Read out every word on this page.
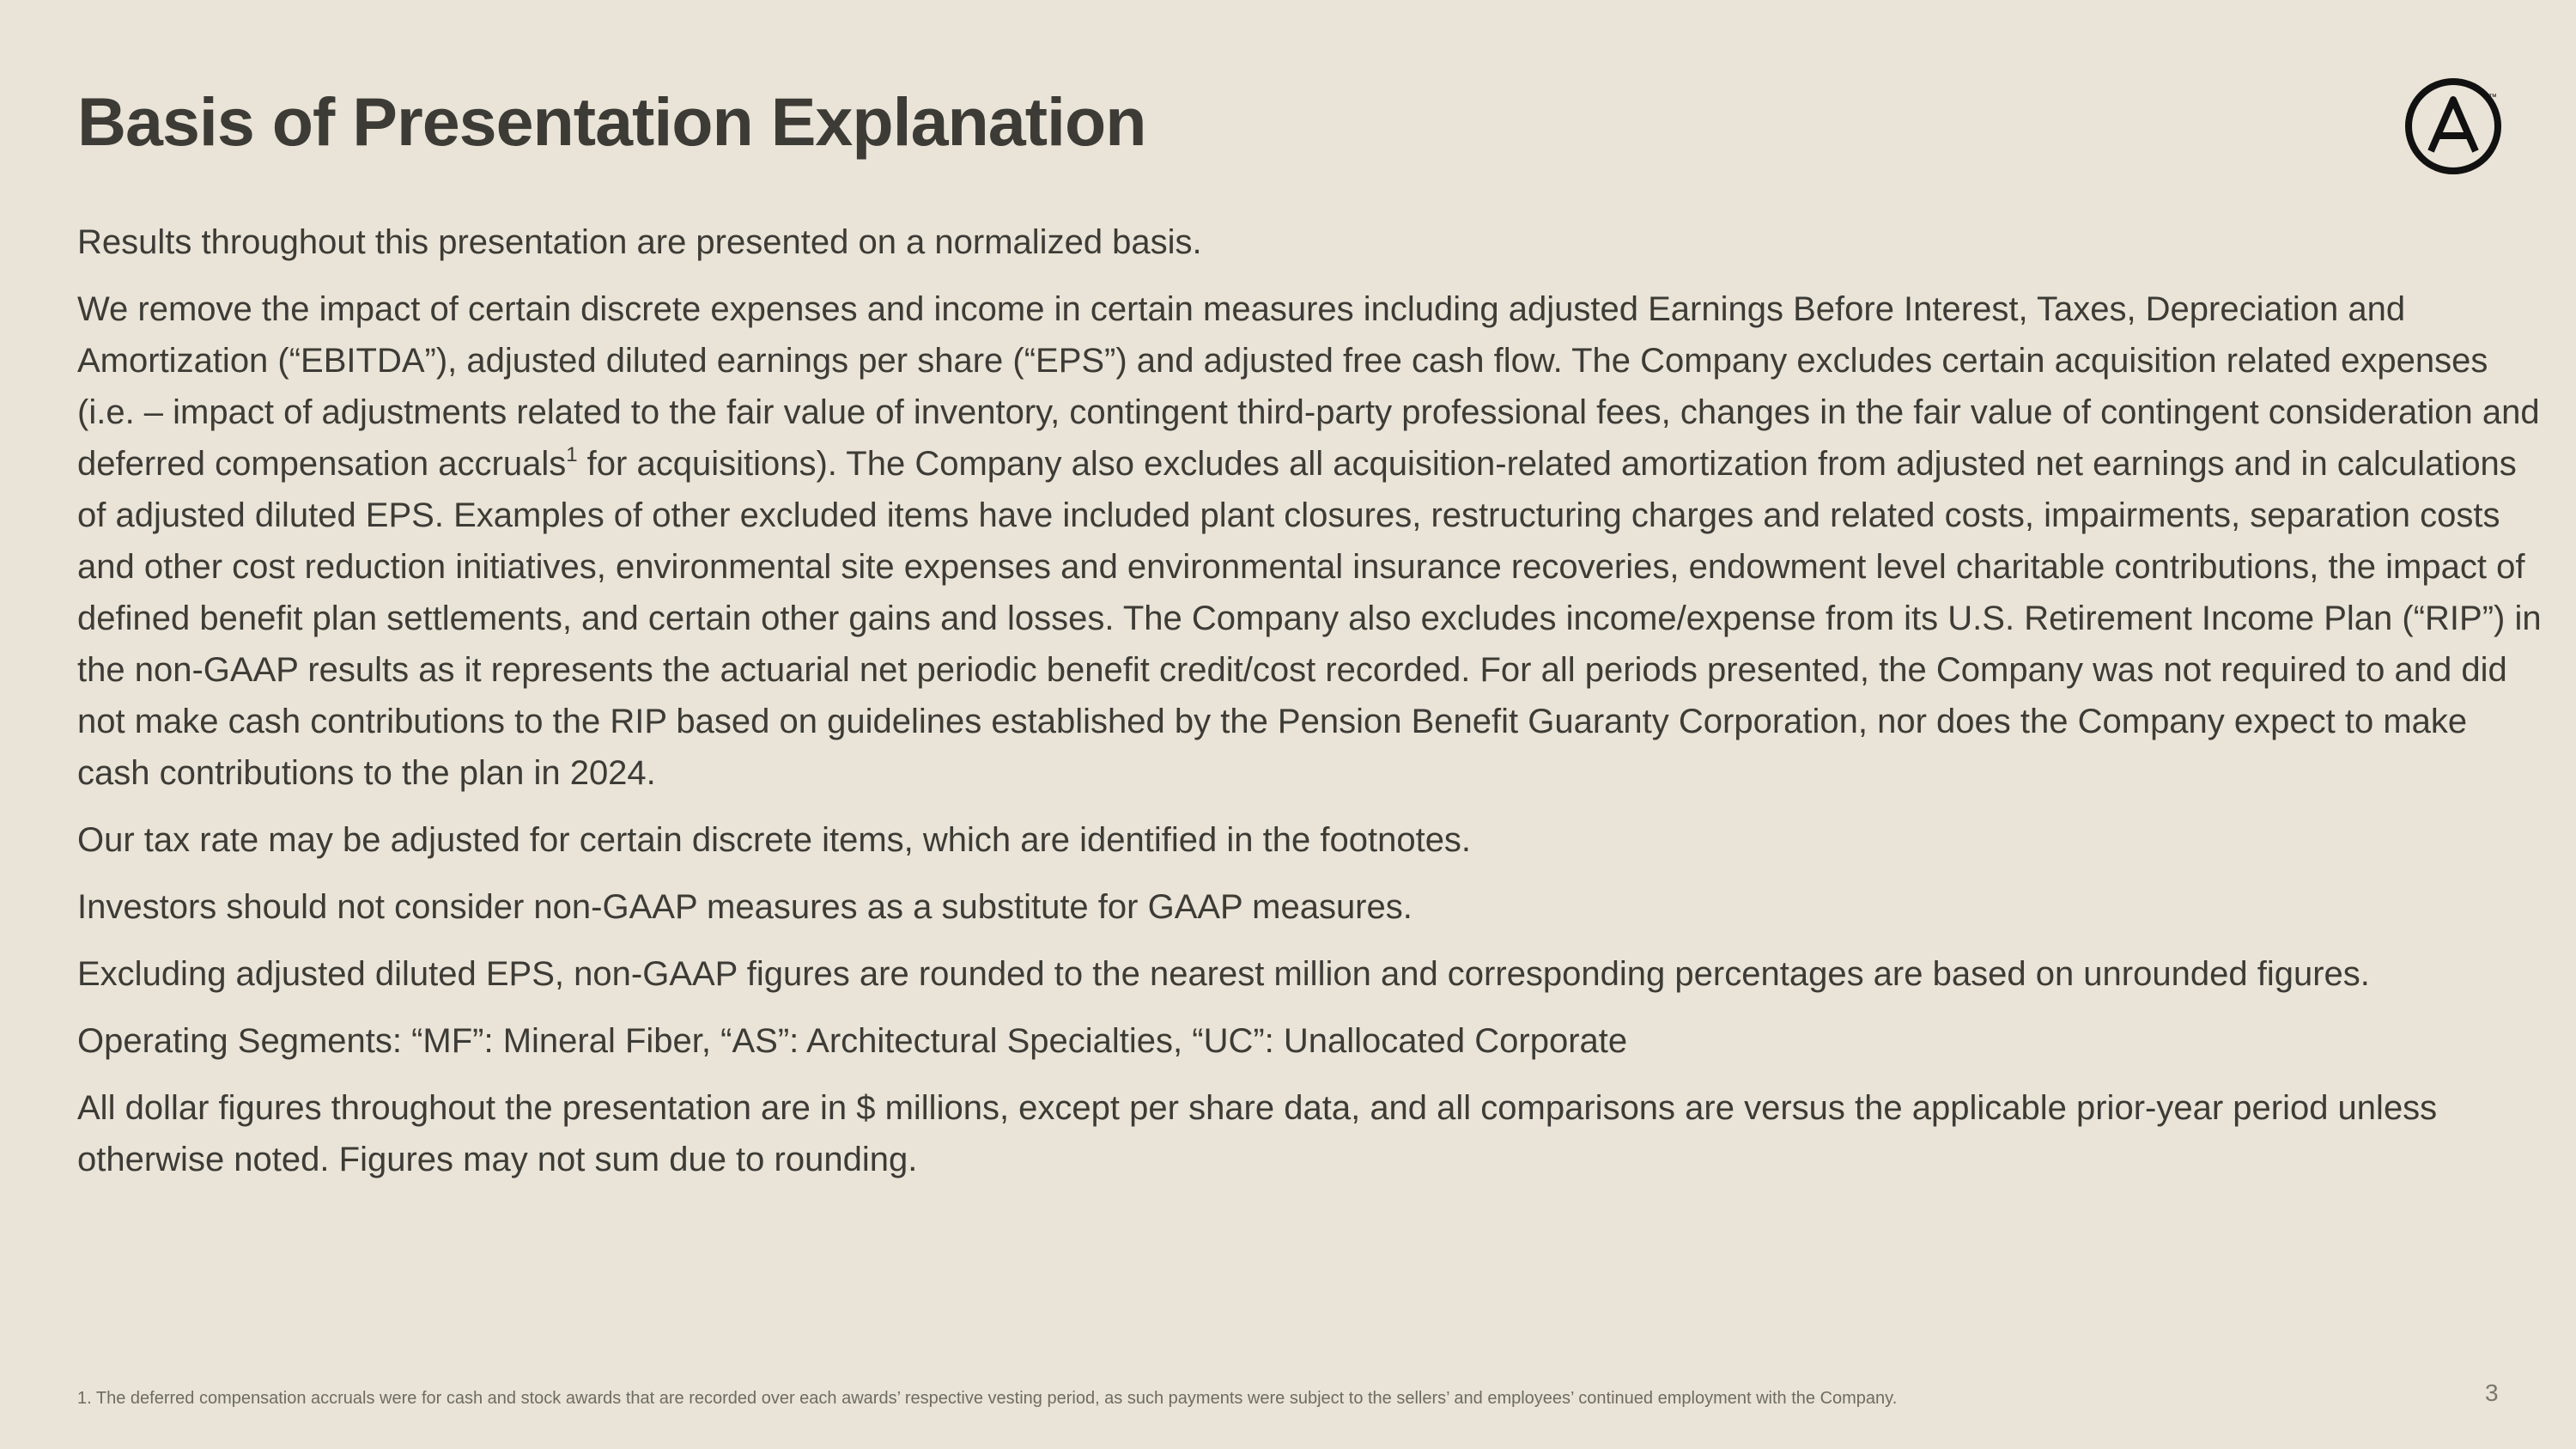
Basis of Presentation Explanation	™

Results throughout this presentation are presented on a normalized basis.

We remove the impact of certain discrete expenses and income in certain measures including adjusted Earnings Before Interest, Taxes, Depreciation and Amortization (“EBITDA”), adjusted diluted earnings per share (“EPS”) and adjusted free cash flow. The Company excludes certain acquisition related expenses (i.e. – impact of adjustments related to the fair value of inventory, contingent third-party professional fees, changes in the fair value of contingent consideration and deferred compensation accruals$^1$ for acquisitions). The Company also excludes all acquisition-related amortization from adjusted net earnings and in calculations of adjusted diluted EPS. Examples of other excluded items have included plant closures, restructuring charges and related costs, impairments, separation costs and other cost reduction initiatives, environmental site expenses and environmental insurance recoveries, endowment level charitable contributions, the impact of defined benefit plan settlements, and certain other gains and losses. The Company also excludes income/expense from its U.S. Retirement Income Plan (“RIP”) in the non-GAAP results as it represents the actuarial net periodic benefit credit/cost recorded. For all periods presented, the Company was not required to and did not make cash contributions to the RIP based on guidelines established by the Pension Benefit Guaranty Corporation, nor does the Company expect to make cash contributions to the plan in 2024.

Our tax rate may be adjusted for certain discrete items, which are identified in the footnotes.

Investors should not consider non-GAAP measures as a substitute for GAAP measures.

Excluding adjusted diluted EPS, non-GAAP figures are rounded to the nearest million and corresponding percentages are based on unrounded figures.

Operating Segments: “MF”: Mineral Fiber, “AS”: Architectural Specialties, “UC”: Unallocated Corporate

All dollar figures throughout the presentation are in $ millions, except per share data, and all comparisons are versus the applicable prior-year period unless otherwise noted. Figures may not sum due to rounding.

1. The deferred compensation accruals were for cash and stock awards that are recorded over each awards’ respective vesting period, as such payments were subject to the sellers’ and employees’ continued employment with the Company.	3
